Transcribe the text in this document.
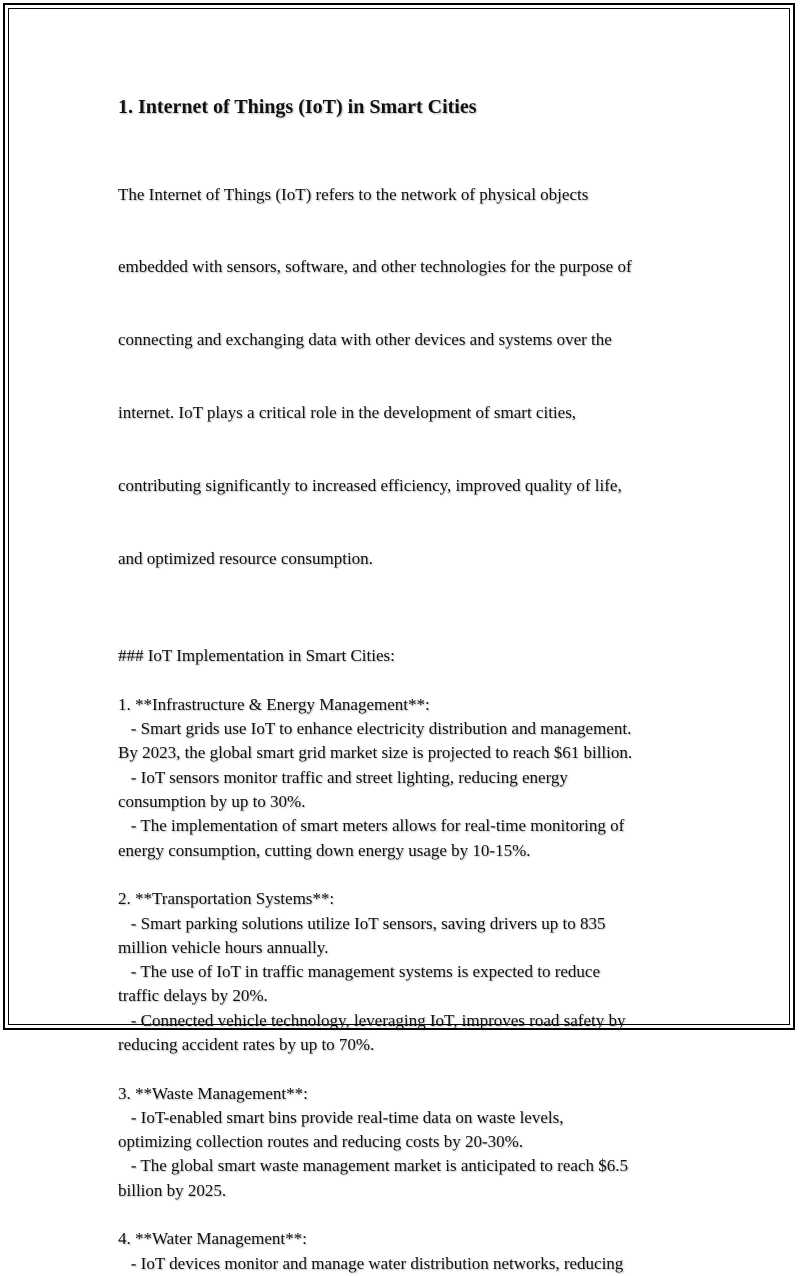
1. Internet of Things (IoT) in Smart Cities

The Internet of Things (IoT) refers to the network of physical objects

embedded with sensors, software, and other technologies for the purpose of

connecting and exchanging data with other devices and systems over the

internet. IoT plays a critical role in the development of smart cities,

contributing significantly to increased efficiency, improved quality of life,

and optimized resource consumption.

### IoT Implementation in Smart Cities:
1. **Infrastructure & Energy Management**:
- Smart grids use IoT to enhance electricity distribution and management.
By 2023, the global smart grid market size is projected to reach $61 billion.
- IoT sensors monitor traffic and street lighting, reducing energy
consumption by up to 30%.
- The implementation of smart meters allows for real-time monitoring of
energy consumption, cutting down energy usage by 10-15%.
2. **Transportation Systems**:
- Smart parking solutions utilize IoT sensors, saving drivers up to 835
million vehicle hours annually.
- The use of IoT in traffic management systems is expected to reduce
traffic delays by 20%.
- Connected vehicle technology, leveraging IoT, improves road safety by
reducing accident rates by up to 70%.
3. **Waste Management**:
- IoT-enabled smart bins provide real-time data on waste levels,
optimizing collection routes and reducing costs by 20-30%.
- The global smart waste management market is anticipated to reach $6.5
billion by 2025.
4. **Water Management**:
- IoT devices monitor and manage water distribution networks, reducing
